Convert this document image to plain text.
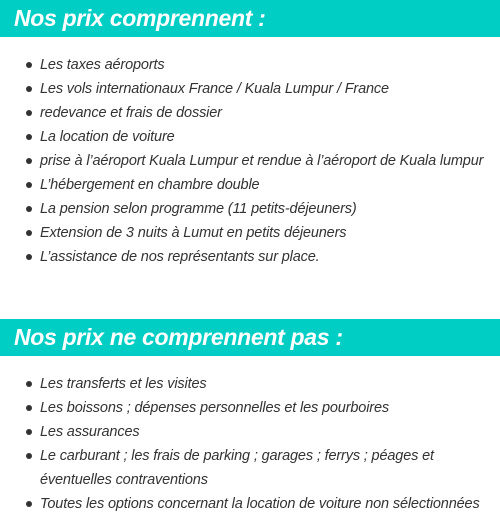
Nos prix comprennent :
Les taxes aéroports
Les vols internationaux France / Kuala Lumpur / France
redevance et frais de dossier
La location de voiture
prise à l’aéroport Kuala Lumpur et rendue à l’aéroport de Kuala lumpur
L’hébergement en chambre double
La pension selon programme (11 petits-déjeuners)
Extension de 3 nuits à Lumut en petits déjeuners
L’assistance de nos représentants sur place.
Nos prix ne comprennent pas :
Les transferts et les visites
Les boissons ; dépenses personnelles et les pourboires
Les assurances
Le carburant ; les frais de parking ; garages ; ferrys ; péages et éventuelles contraventions
Toutes les options concernant la location de voiture non sélectionnées
